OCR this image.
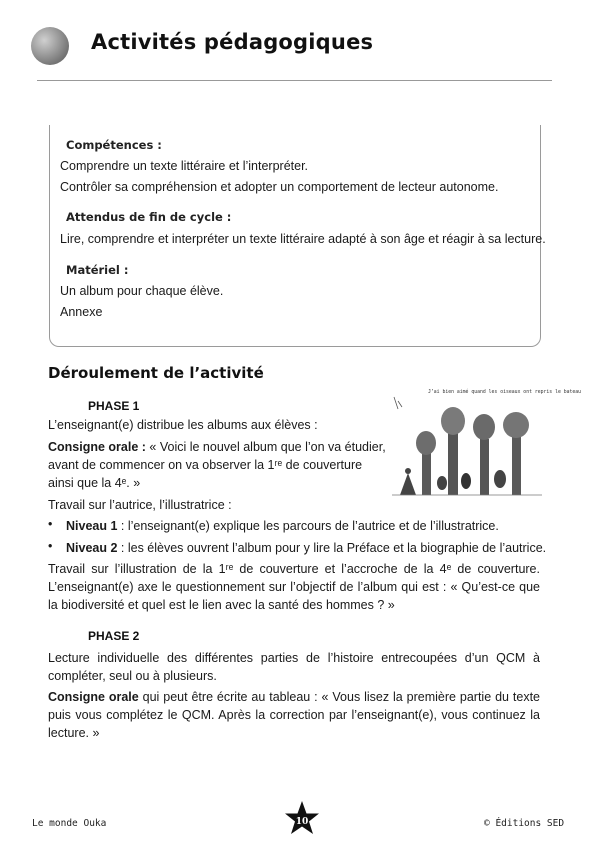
Activités pédagogiques
Compétences :
Comprendre un texte littéraire et l’interpréter.
Contrôler sa compréhension et adopter un comportement de lecteur autonome.
Attendus de fin de cycle :
Lire, comprendre et interpréter un texte littéraire adapté à son âge et réagir à sa lecture.
Matériel :
Un album pour chaque élève.
Annexe
Déroulement de l’activité
PHASE 1
L’enseignant(e) distribue les albums aux élèves :
Consigne orale : « Voici le nouvel album que l’on va étudier,
avant de commencer on va observer la 1ʳᵉ de couverture
ainsi que la 4ᵉ. »
Travail sur l’autrice, l’illustratrice :
• Niveau 1 : l’enseignant(e) explique les parcours de l’autrice et de l’illustratrice.
• Niveau 2 : les élèves ouvrent l’album pour y lire la Préface et la biographie de l’autrice.
Travail sur l’illustration de la 1ʳᵉ de couverture et l’accroche de la 4ᵉ de couverture. L’enseignant(e) axe le questionnement sur l’objectif de l’album qui est : « Qu’est-ce que la biodiversité et quel est le lien avec la santé des hommes ? »
PHASE 2
Lecture individuelle des différentes parties de l’histoire entrecoupées d’un QCM à compléter, seul ou à plusieurs.
Consigne orale qui peut être écrite au tableau : « Vous lisez la première partie du texte puis vous complétez le QCM. Après la correction par l’enseignant(e), vous continuez la lecture. »
J’ai bien aimé quand les oiseaux ont repris le bateau
Le monde Ouka	10	© Éditions SED
